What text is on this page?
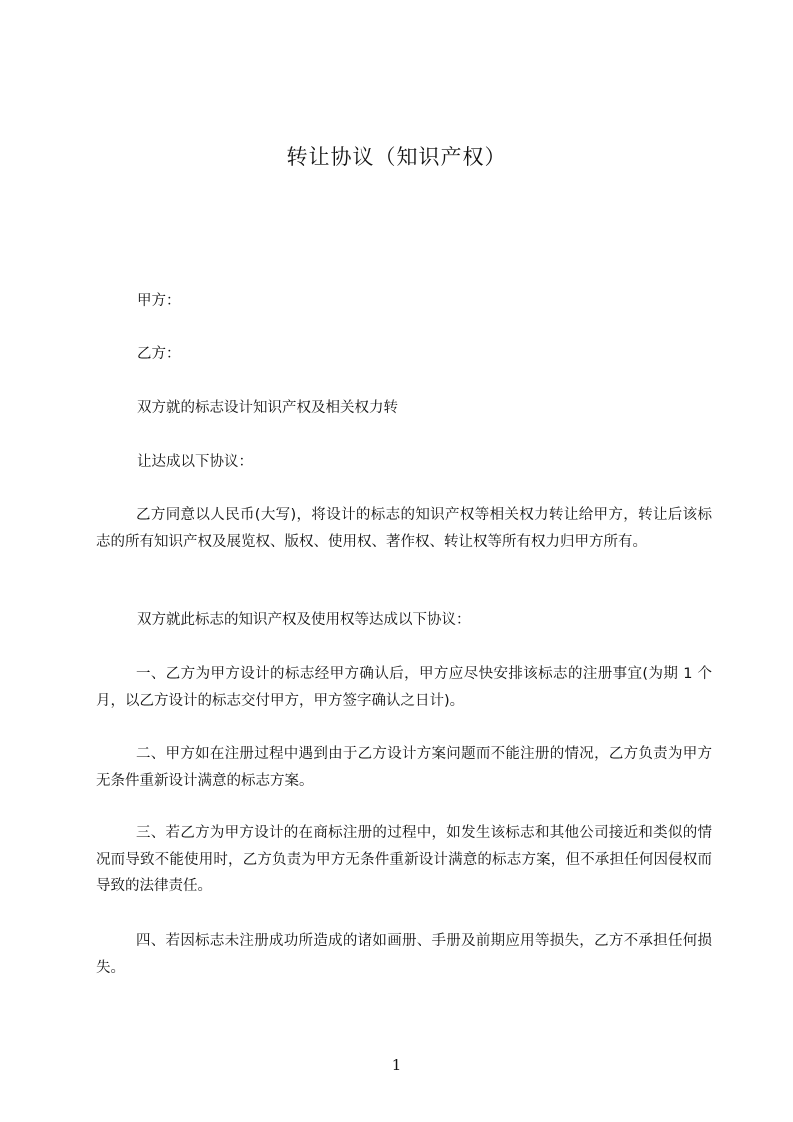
转让协议（知识产权）
甲方：
乙方：
双方就的标志设计知识产权及相关权力转
让达成以下协议：
乙方同意以人民币(大写)，将设计的标志的知识产权等相关权力转让给甲方，转让后该标志的所有知识产权及展览权、版权、使用权、著作权、转让权等所有权力归甲方所有。
双方就此标志的知识产权及使用权等达成以下协议：
一、乙方为甲方设计的标志经甲方确认后，甲方应尽快安排该标志的注册事宜(为期 1 个月，以乙方设计的标志交付甲方，甲方签字确认之日计)。
二、甲方如在注册过程中遇到由于乙方设计方案问题而不能注册的情况，乙方负责为甲方无条件重新设计满意的标志方案。
三、若乙方为甲方设计的在商标注册的过程中，如发生该标志和其他公司接近和类似的情况而导致不能使用时，乙方负责为甲方无条件重新设计满意的标志方案，但不承担任何因侵权而导致的法律责任。
四、若因标志未注册成功所造成的诸如画册、手册及前期应用等损失，乙方不承担任何损失。
1
